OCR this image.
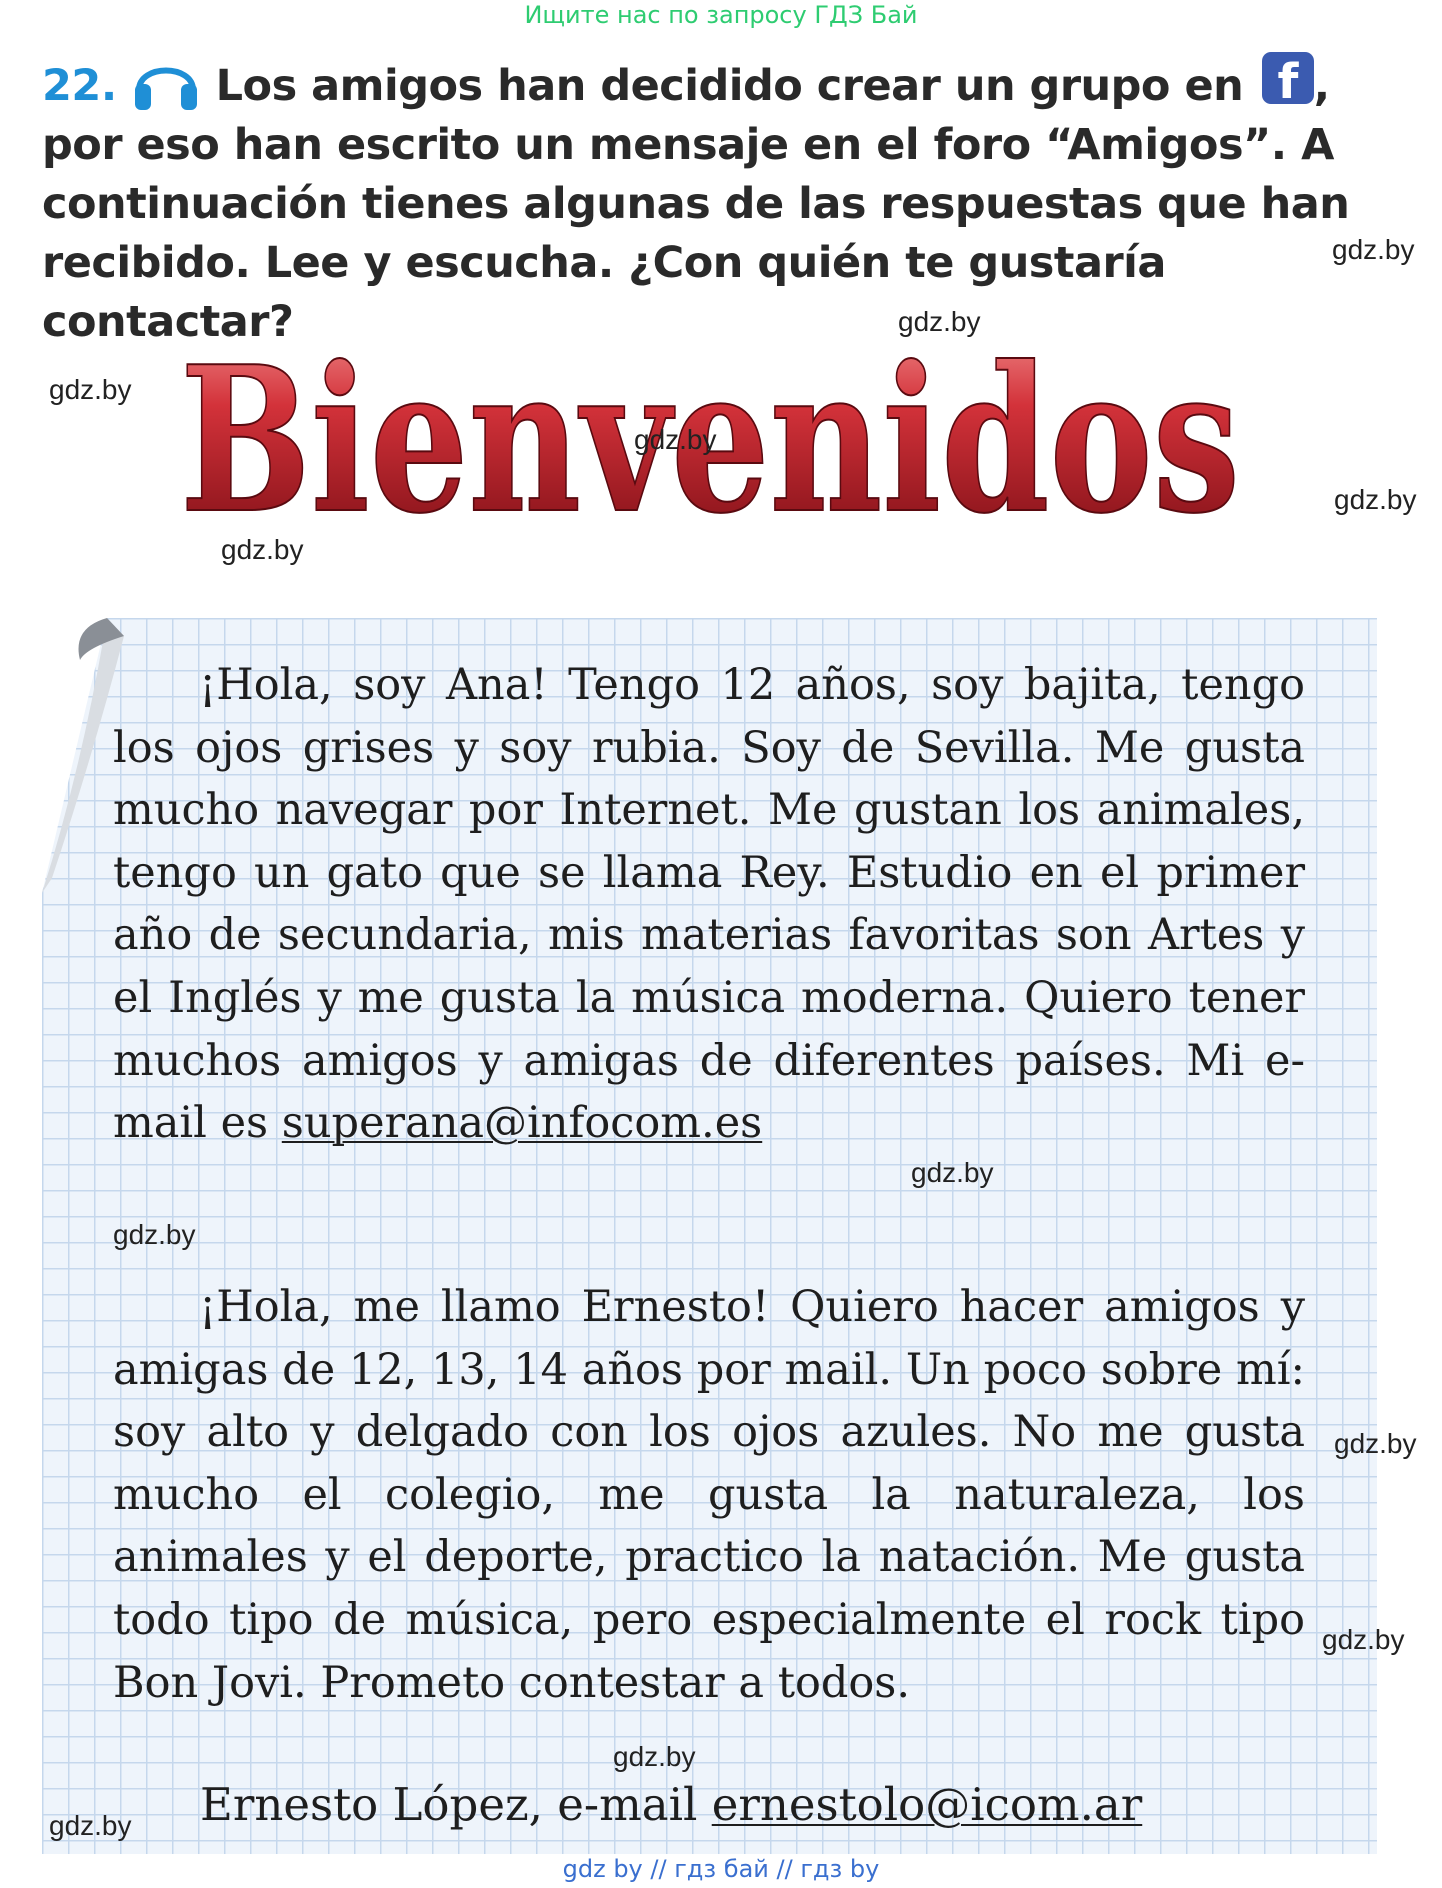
Ищите нас по запросу ГДЗ Бай
22. Los amigos han decidido crear un grupo en f , por eso han escrito un mensaje en el foro “Amigos”. A continuación tienes algunas de las respuestas que han recibido. Lee y escucha. ¿Con quién te gustaría contactar?
Bienvenidos

¡Hola, soy Ana! Tengo 12 años, soy bajita, tengo los ojos grises y soy rubia. Soy de Sevilla. Me gusta mucho navegar por Internet. Me gustan los animales, tengo un gato que se llama Rey. Estudio en el primer año de secundaria, mis materias favoritas son Artes y el Inglés y me gusta la música moderna. Quiero tener muchos amigos y amigas de diferentes países. Mi e-mail es superana@infocom.es

¡Hola, me llamo Ernesto! Quiero hacer amigos y amigas de 12, 13, 14 años por mail. Un poco sobre mí: soy alto y delgado con los ojos azules. No me gusta mucho el colegio, me gusta la naturaleza, los animales y el deporte, practico la natación. Me gusta todo tipo de música, pero especialmente el rock tipo Bon Jovi. Prometo contestar a todos.

Ernesto López, e-mail ernestolo@icom.ar
gdz.by
gdz.by
gdz.by
gdz.by
gdz.by
gdz.by
gdz.by
gdz.by
gdz.by
gdz.by
gdz.by
gdz.by
gdz by // гдз бай // гдз by
